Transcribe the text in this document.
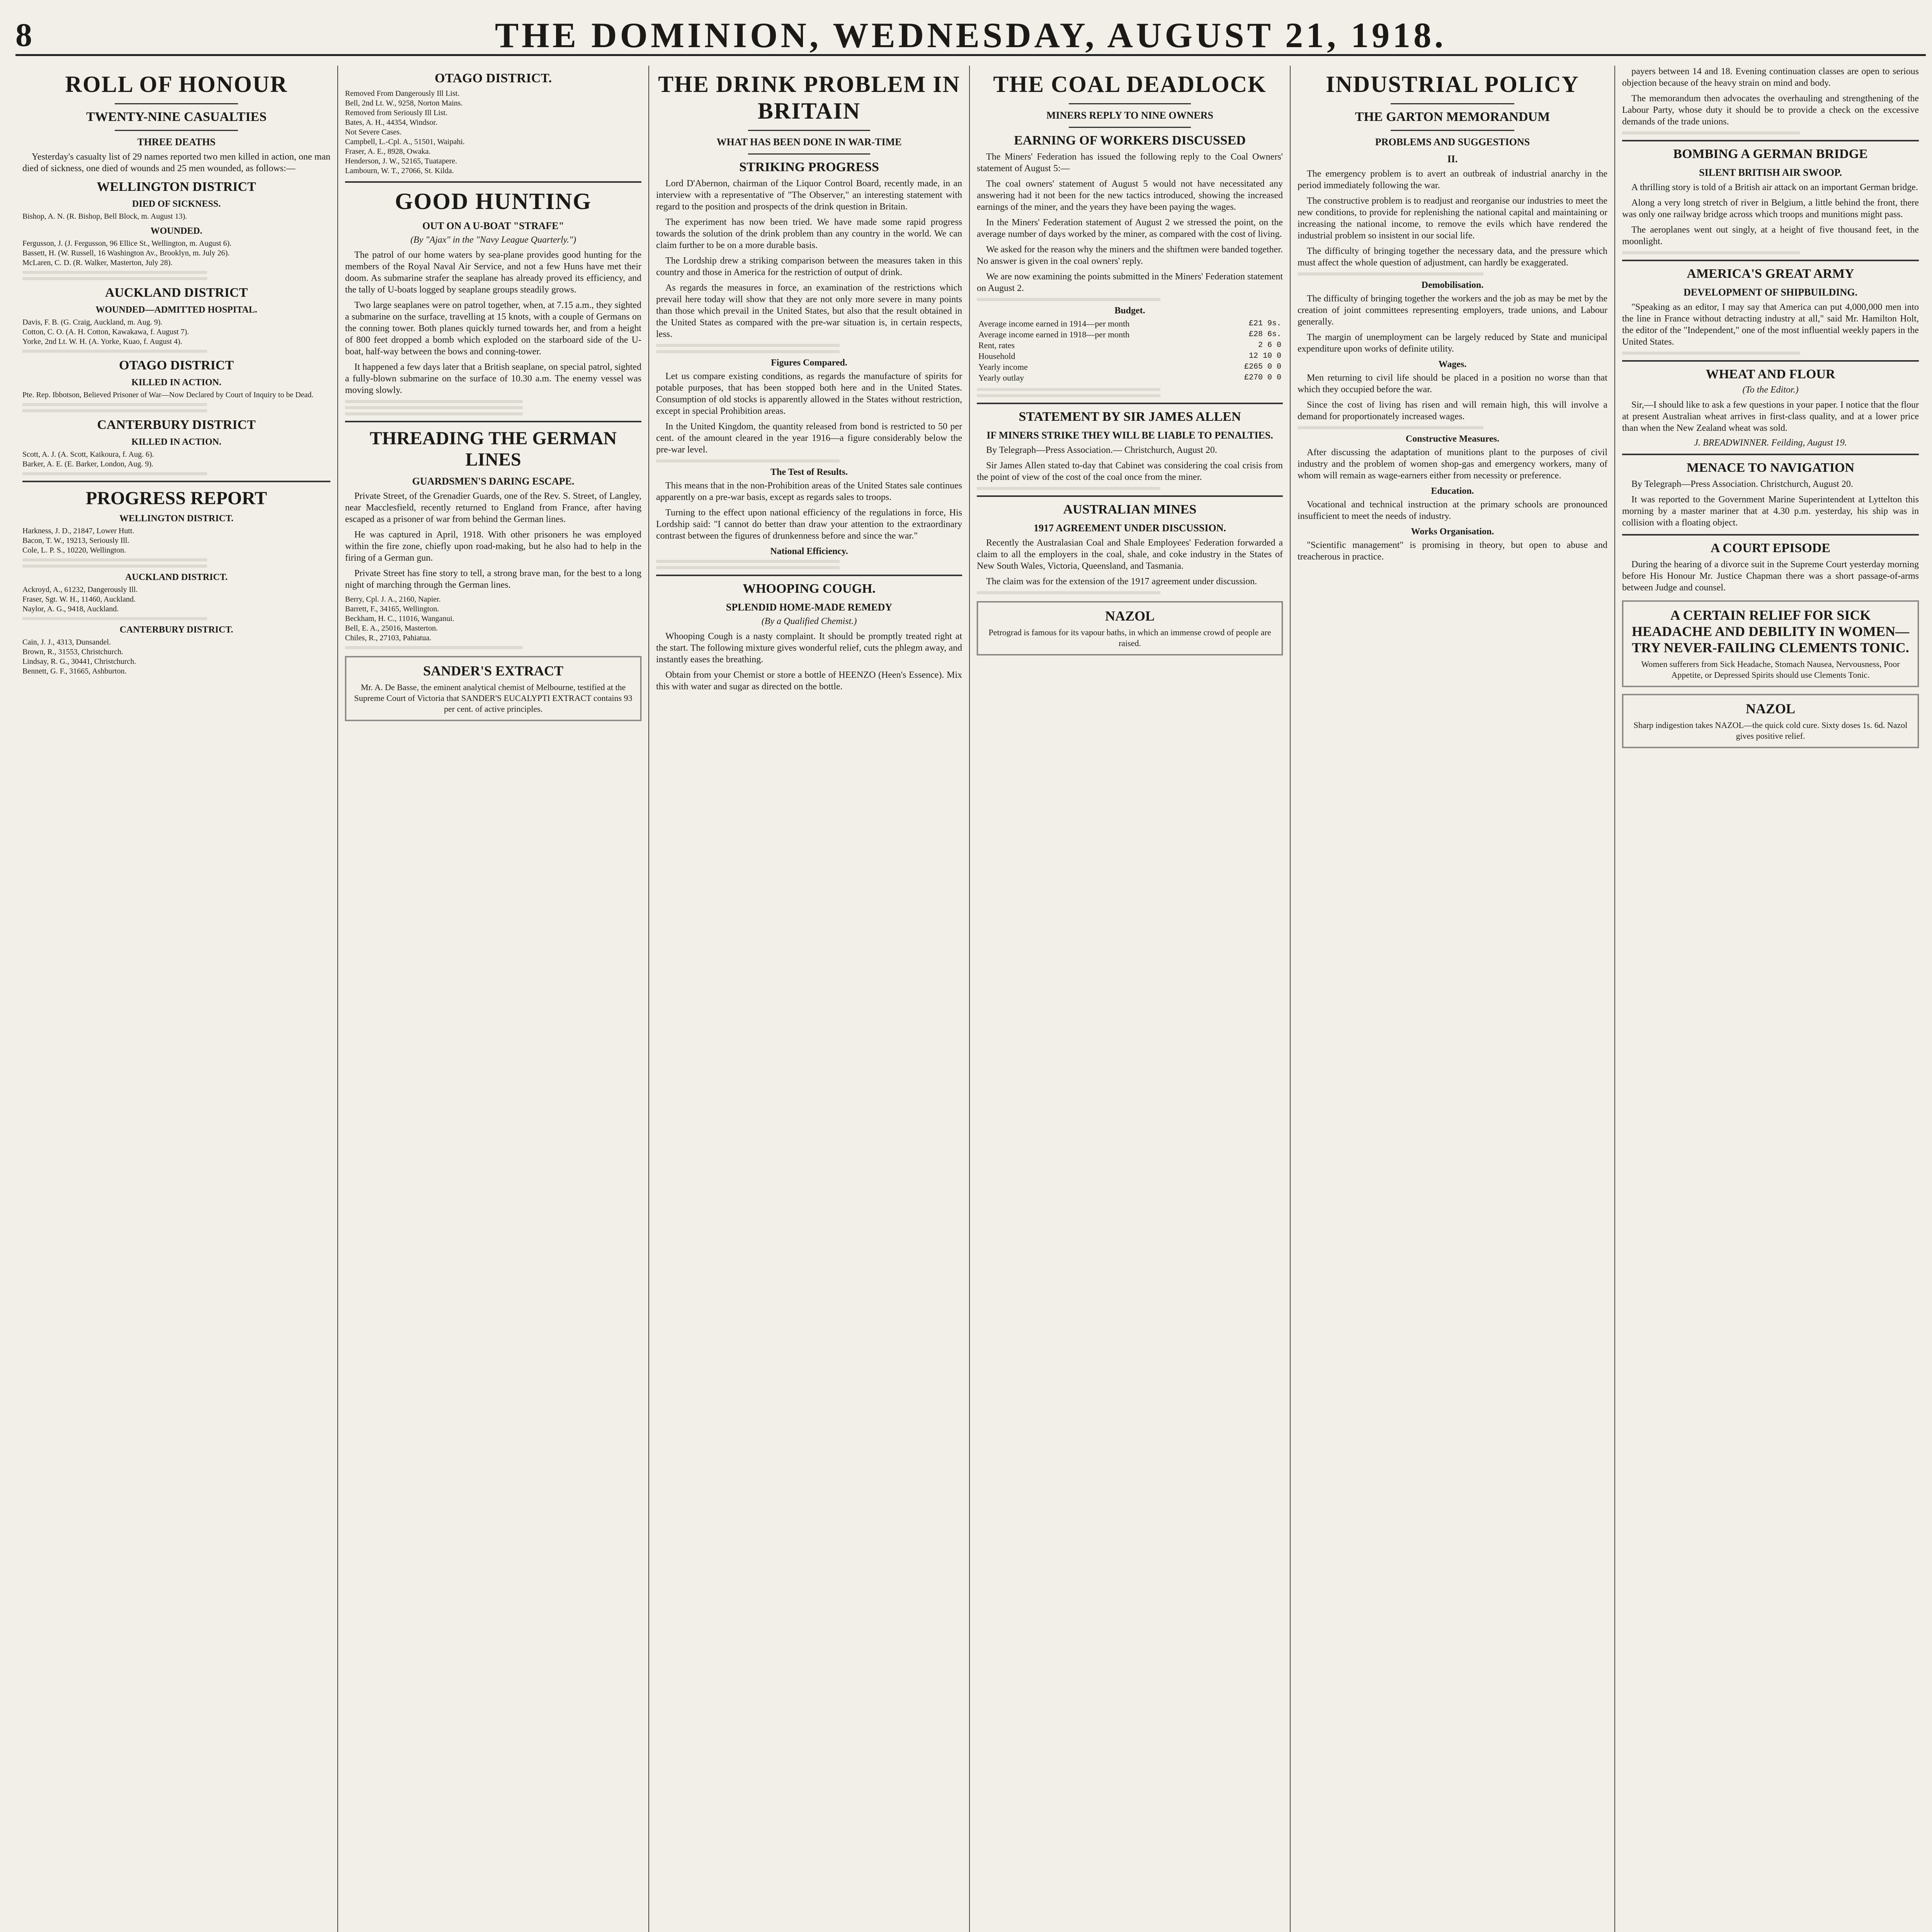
8	THE DOMINION, WEDNESDAY, AUGUST 21, 1918.
ROLL OF HONOUR
TWENTY-NINE CASUALTIES
THREE DEATHS

Yesterday's casualty list of 29 names reported two men killed in action, one man died of sickness, one died of wounds and 25 men wounded, as follows:—

WELLINGTON DISTRICT
DIED OF SICKNESS.
Bishop, A. N. (R. Bishop, Bell Block, m. August 13).
WOUNDED.
Fergusson, J. (J. Fergusson, 96 Ellice St., Wellington, m. August 6).
Bassett, H. (W. Russell, 16 Washington Av., Brooklyn, m. July 26).
McLaren, C. D. (R. Walker, Masterton, July 28).
AUCKLAND DISTRICT
WOUNDED—ADMITTED HOSPITAL.
Davis, F. B. (G. Craig, Auckland, m. Aug. 9).
Cotton, C. O. (A. H. Cotton, Kawakawa, f. August 7).
Yorke, 2nd Lt. W. H. (A. Yorke, Kuao, f. August 4).
OTAGO DISTRICT
KILLED IN ACTION.
Pte. Rep. Ibbotson, Believed Prisoner of War—Now Declared by Court of Inquiry to be Dead.
CANTERBURY DISTRICT
KILLED IN ACTION.
Scott, A. J. (A. Scott, Kaikoura, f. Aug. 6).
Barker, A. E. (E. Barker, London, Aug. 9).
PROGRESS REPORT
WELLINGTON DISTRICT.
Harkness, J. D., 21847, Lower Hutt.
Bacon, T. W., 19213, Seriously Ill.
Cole, L. P. S., 10220, Wellington.
AUCKLAND DISTRICT.
Ackroyd, A., 61232, Dangerously Ill.
Fraser, Sgt. W. H., 11460, Auckland.
Naylor, A. G., 9418, Auckland.
CANTERBURY DISTRICT.
Cain, J. J., 4313, Dunsandel.
Brown, R., 31553, Christchurch.
Lindsay, R. G., 30441, Christchurch.
Bennett, G. F., 31665, Ashburton.
OTAGO DISTRICT.
Removed From Dangerously Ill List.
Bell, 2nd Lt. W., 9258, Norton Mains.
Removed from Seriously Ill List.
Bates, A. H., 44354, Windsor.
Not Severe Cases.
Campbell, L.-Cpl. A., 51501, Waipahi.
Fraser, A. E., 8928, Owaka.
Henderson, J. W., 52165, Tuatapere.
Lambourn, W. T., 27066, St. Kilda.
GOOD HUNTING
OUT ON A U-BOAT "STRAFE"
(By "Ajax" in the "Navy League Quarterly.")

The patrol of our home waters by sea-plane provides good hunting for the members of the Royal Naval Air Service, and not a few Huns have met their doom. As submarine strafer the seaplane has already proved its efficiency, and the tally of U-boats logged by seaplane groups steadily grows.

Two large seaplanes were on patrol together, when, at 7.15 a.m., they sighted a submarine on the surface, travelling at 15 knots, with a couple of Germans on the conning tower. Both planes quickly turned towards her, and from a height of 800 feet dropped a bomb which exploded on the starboard side of the U-boat, half-way between the bows and conning-tower.

It happened a few days later that a British seaplane, on special patrol, sighted a fully-blown submarine on the surface of 10.30 a.m. The enemy vessel was moving slowly.

THREADING THE GERMAN LINES
GUARDSMEN'S DARING ESCAPE.

Private Street, of the Grenadier Guards, one of the Rev. S. Street, of Langley, near Macclesfield, recently returned to England from France, after having escaped as a prisoner of war from behind the German lines.

He was captured in April, 1918. With other prisoners he was employed within the fire zone, chiefly upon road-making, but he also had to help in the firing of a German gun.

Private Street has fine story to tell, a strong brave man, for the best to a long night of marching through the German lines.

Berry, Cpl. J. A., 2160, Napier.
Barrett, F., 34165, Wellington.
Beckham, H. C., 11016, Wanganui.
Bell, E. A., 25016, Masterton.
Chiles, R., 27103, Pahiatua.
SANDER'S EXTRACT
Mr. A. De Basse, the eminent analytical chemist of Melbourne, testified at the Supreme Court of Victoria that SANDER'S EUCALYPTI EXTRACT contains 93 per cent. of active principles.
THE DRINK PROBLEM IN BRITAIN
WHAT HAS BEEN DONE IN WAR-TIME
STRIKING PROGRESS

Lord D'Abernon, chairman of the Liquor Control Board, recently made, in an interview with a representative of "The Observer," an interesting statement with regard to the position and prospects of the drink question in Britain.

The experiment has now been tried. We have made some rapid progress towards the solution of the drink problem than any country in the world. We can claim further to be on a more durable basis.

The Lordship drew a striking comparison between the measures taken in this country and those in America for the restriction of output of drink.

As regards the measures in force, an examination of the restrictions which prevail here today will show that they are not only more severe in many points than those which prevail in the United States, but also that the result obtained in the United States as compared with the pre-war situation is, in certain respects, less.

Figures Compared.

Let us compare existing conditions, as regards the manufacture of spirits for potable purposes, that has been stopped both here and in the United States. Consumption of old stocks is apparently allowed in the States without restriction, except in special Prohibition areas.

In the United Kingdom, the quantity released from bond is restricted to 50 per cent. of the amount cleared in the year 1916—a figure considerably below the pre-war level.

The Test of Results.

This means that in the non-Prohibition areas of the United States sale continues apparently on a pre-war basis, except as regards sales to troops.

Turning to the effect upon national efficiency of the regulations in force, His Lordship said: "I cannot do better than draw your attention to the extraordinary contrast between the figures of drunkenness before and since the war."

National Efficiency.
WHOOPING COUGH.
SPLENDID HOME-MADE REMEDY
(By a Qualified Chemist.)

Whooping Cough is a nasty complaint. It should be promptly treated right at the start. The following mixture gives wonderful relief, cuts the phlegm away, and instantly eases the breathing.

Obtain from your Chemist or store a bottle of HEENZO (Heen's Essence). Mix this with water and sugar as directed on the bottle.

THE COAL DEADLOCK
MINERS REPLY TO NINE OWNERS
EARNING OF WORKERS DISCUSSED

The Miners' Federation has issued the following reply to the Coal Owners' statement of August 5:—

The coal owners' statement of August 5 would not have necessitated any answering had it not been for the new tactics introduced, showing the increased earnings of the miner, and the years they have been paying the wages.

In the Miners' Federation statement of August 2 we stressed the point, on the average number of days worked by the miner, as compared with the cost of living.

We asked for the reason why the miners and the shiftmen were banded together. No answer is given in the coal owners' reply.

We are now examining the points submitted in the Miners' Federation statement on August 2.

Budget.
Average income earned in 1914—per month	£21 9s.
Average income earned in 1918—per month	£28 6s.
Rent, rates	2 6 0
Household	12 10 0
Yearly income	£265 0 0
Yearly outlay	£270 0 0
STATEMENT BY SIR JAMES ALLEN
IF MINERS STRIKE THEY WILL BE LIABLE TO PENALTIES.

By Telegraph—Press Association.— Christchurch, August 20.

Sir James Allen stated to-day that Cabinet was considering the coal crisis from the point of view of the cost of the coal once from the miner.

AUSTRALIAN MINES
1917 AGREEMENT UNDER DISCUSSION.

Recently the Australasian Coal and Shale Employees' Federation forwarded a claim to all the employers in the coal, shale, and coke industry in the States of New South Wales, Victoria, Queensland, and Tasmania.

The claim was for the extension of the 1917 agreement under discussion.

NAZOL
Petrograd is famous for its vapour baths, in which an immense crowd of people are raised.
INDUSTRIAL POLICY
THE GARTON MEMORANDUM
PROBLEMS AND SUGGESTIONS
II.

The emergency problem is to avert an outbreak of industrial anarchy in the period immediately following the war.

The constructive problem is to readjust and reorganise our industries to meet the new conditions, to provide for replenishing the national capital and maintaining or increasing the national income, to remove the evils which have rendered the industrial problem so insistent in our social life.

The difficulty of bringing together the necessary data, and the pressure which must affect the whole question of adjustment, can hardly be exaggerated.

Demobilisation.

The difficulty of bringing together the workers and the job as may be met by the creation of joint committees representing employers, trade unions, and Labour generally.

The margin of unemployment can be largely reduced by State and municipal expenditure upon works of definite utility.

Wages.

Men returning to civil life should be placed in a position no worse than that which they occupied before the war.

Since the cost of living has risen and will remain high, this will involve a demand for proportionately increased wages.

Constructive Measures.

After discussing the adaptation of munitions plant to the purposes of civil industry and the problem of women shop-gas and emergency workers, many of whom will remain as wage-earners either from necessity or preference.

Education.

Vocational and technical instruction at the primary schools are pronounced insufficient to meet the needs of industry.

Works Organisation.

"Scientific management" is promising in theory, but open to abuse and treacherous in practice.

payers between 14 and 18. Evening continuation classes are open to serious objection because of the heavy strain on mind and body.

The memorandum then advocates the overhauling and strengthening of the Labour Party, whose duty it should be to provide a check on the excessive demands of the trade unions.

BOMBING A GERMAN BRIDGE
SILENT BRITISH AIR SWOOP.

A thrilling story is told of a British air attack on an important German bridge.

Along a very long stretch of river in Belgium, a little behind the front, there was only one railway bridge across which troops and munitions might pass.

The aeroplanes went out singly, at a height of five thousand feet, in the moonlight.

AMERICA'S GREAT ARMY
DEVELOPMENT OF SHIPBUILDING.

"Speaking as an editor, I may say that America can put 4,000,000 men into the line in France without detracting industry at all," said Mr. Hamilton Holt, the editor of the "Independent," one of the most influential weekly papers in the United States.

WHEAT AND FLOUR
(To the Editor.)

Sir,—I should like to ask a few questions in your paper. I notice that the flour at present Australian wheat arrives in first-class quality, and at a lower price than when the New Zealand wheat was sold.

J. BREADWINNER. Feilding, August 19.
MENACE TO NAVIGATION

By Telegraph—Press Association. Christchurch, August 20.

It was reported to the Government Marine Superintendent at Lyttelton this morning by a master mariner that at 4.30 p.m. yesterday, his ship was in collision with a floating object.

A COURT EPISODE

During the hearing of a divorce suit in the Supreme Court yesterday morning before His Honour Mr. Justice Chapman there was a short passage-of-arms between Judge and counsel.

A CERTAIN RELIEF FOR SICK HEADACHE AND DEBILITY IN WOMEN—TRY NEVER-FAILING CLEMENTS TONIC.
Women sufferers from Sick Headache, Stomach Nausea, Nervousness, Poor Appetite, or Depressed Spirits should use Clements Tonic.
NAZOL
Sharp indigestion takes NAZOL—the quick cold cure. Sixty doses 1s. 6d. Nazol gives positive relief.
